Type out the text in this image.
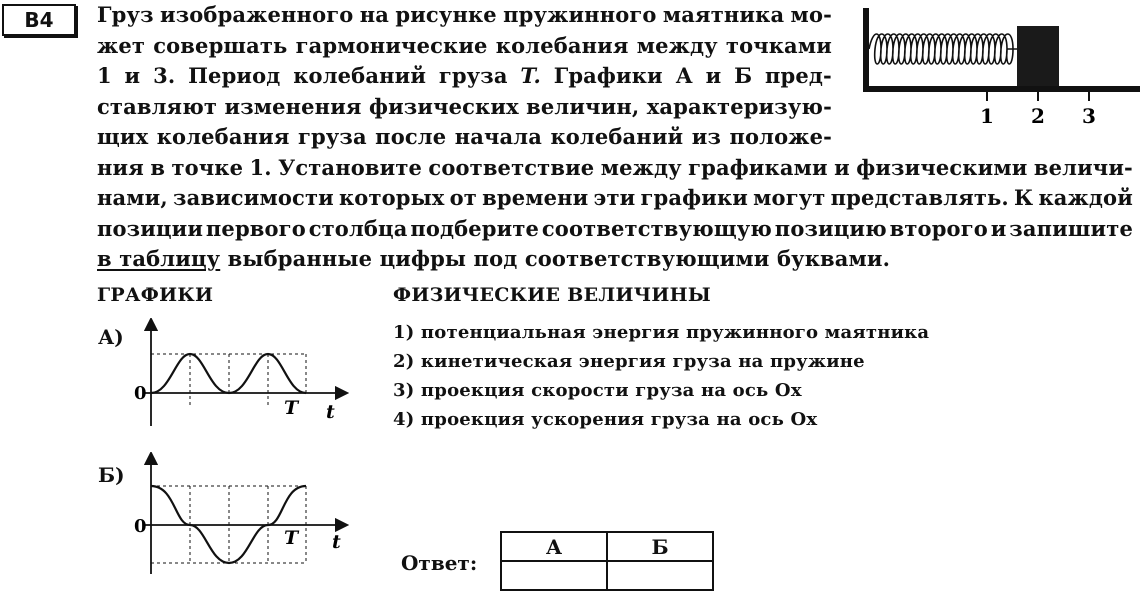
B4	Груз изображенного на рисунке пружинного маятника мо-
жет совершать гармонические колебания между точками
1 и 3. Период колебаний груза T. Графики А и Б пред-
ставляют изменения физических величин, характеризую-
щих колебания груза после начала колебаний из положе-
ния в точке 1. Установите соответствие между графиками и физическими величи-
нами, зависимости которых от времени эти графики могут представлять. К каждой
позиции первого столбца подберите соответствующую позицию второго и запишите
в таблицу выбранные цифры под соответствующими буквами.
1 2 3
ГРАФИКИ	ФИЗИЧЕСКИЕ ВЕЛИЧИНЫ
1) потенциальная энергия пружинного маятника
2) кинетическая энергия груза на пружине
3) проекция скорости груза на ось Ox
4) проекция ускорения груза на ось Ox
А)
Б)
0
T t
0
T t
Ответ:
А	Б
